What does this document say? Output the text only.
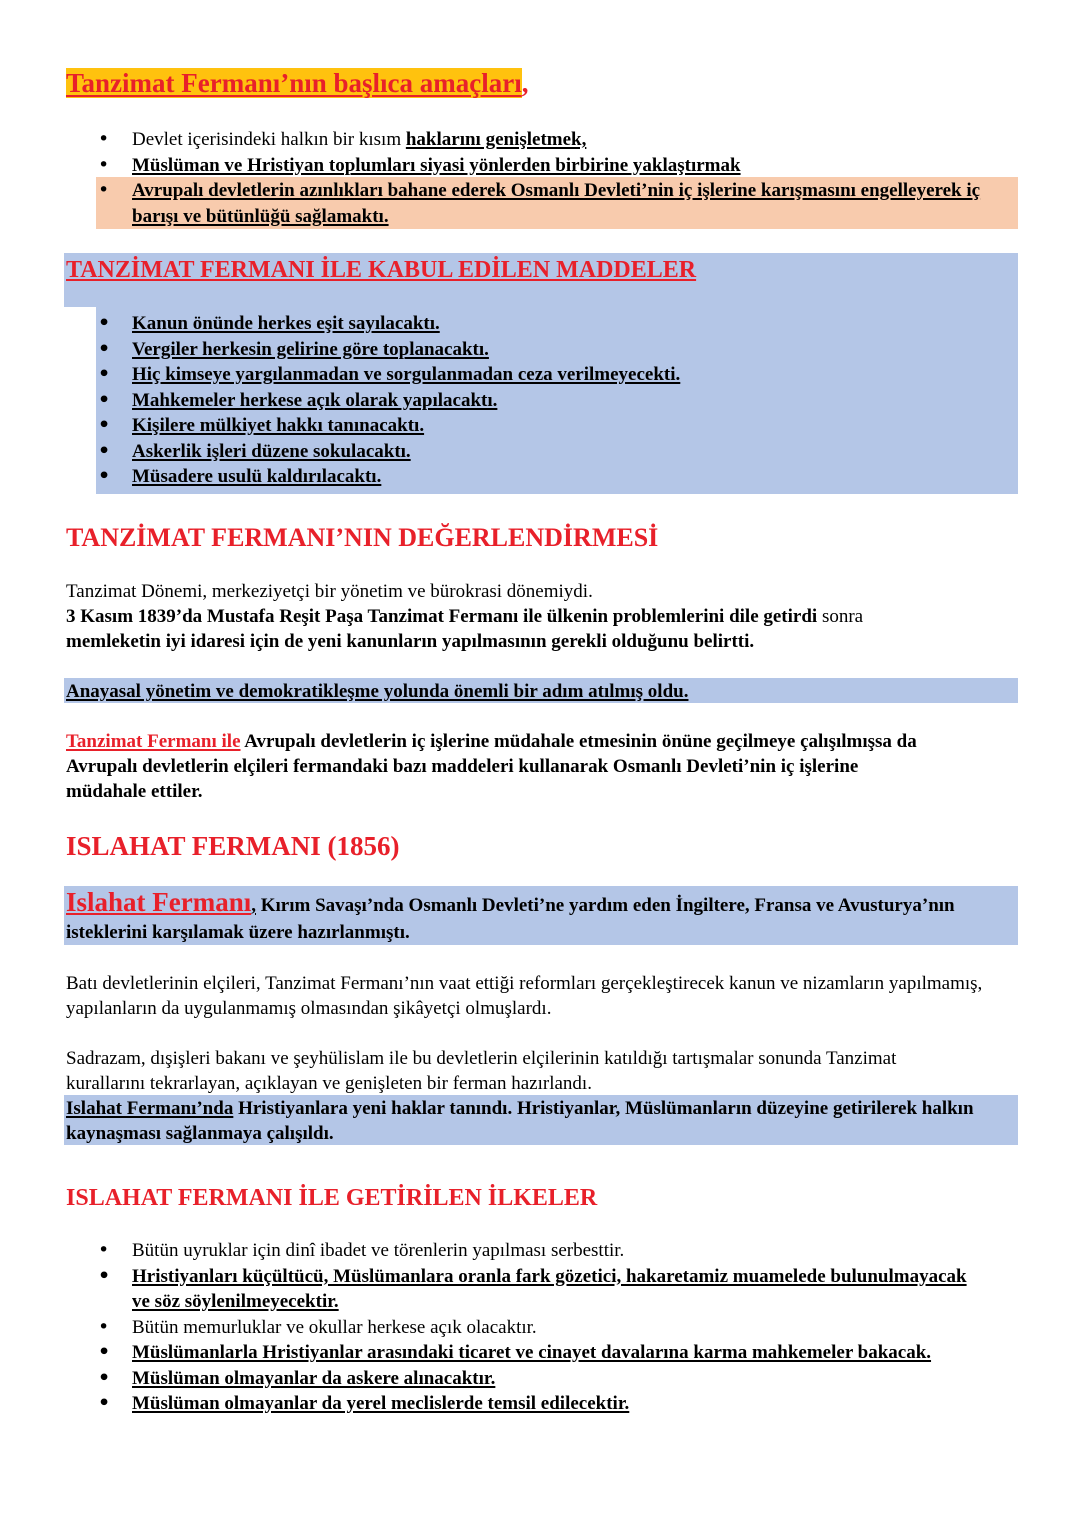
Tanzimat Fermanı’nın başlıca amaçları,
• Devlet içerisindeki halkın bir kısım haklarını genişletmek,
• Müslüman ve Hristiyan toplumları siyasi yönlerden birbirine yaklaştırmak
• Avrupalı devletlerin azınlıkları bahane ederek Osmanlı Devleti’nin iç işlerine karışmasını engelleyerek iç barışı ve bütünlüğü sağlamaktı.
TANZİMAT FERMANI İLE KABUL EDİLEN MADDELER
• Kanun önünde herkes eşit sayılacaktı.
• Vergiler herkesin gelirine göre toplanacaktı.
• Hiç kimseye yargılanmadan ve sorgulanmadan ceza verilmeyecekti.
• Mahkemeler herkese açık olarak yapılacaktı.
• Kişilere mülkiyet hakkı tanınacaktı.
• Askerlik işleri düzene sokulacaktı.
• Müsadere usulü kaldırılacaktı.
TANZİMAT FERMANI’NIN DEĞERLENDİRMESİ
Tanzimat Dönemi, merkeziyetçi bir yönetim ve bürokrasi dönemiydi.
3 Kasım 1839’da Mustafa Reşit Paşa Tanzimat Fermanı ile ülkenin problemlerini dile getirdi sonra
memleketin iyi idaresi için de yeni kanunların yapılmasının gerekli olduğunu belirtti.
Anayasal yönetim ve demokratikleşme yolunda önemli bir adım atılmış oldu.
Tanzimat Fermanı ile Avrupalı devletlerin iç işlerine müdahale etmesinin önüne geçilmeye çalışılmışsa da Avrupalı devletlerin elçileri fermandaki bazı maddeleri kullanarak Osmanlı Devleti’nin iç işlerine müdahale ettiler.
ISLAHAT FERMANI (1856)
Islahat Fermanı, Kırım Savaşı’nda Osmanlı Devleti’ne yardım eden İngiltere, Fransa ve Avusturya’nın isteklerini karşılamak üzere hazırlanmıştı.
Batı devletlerinin elçileri, Tanzimat Fermanı’nın vaat ettiği reformları gerçekleştirecek kanun ve nizamların yapılmamış, yapılanların da uygulanmamış olmasından şikâyetçi olmuşlardı.
Sadrazam, dışişleri bakanı ve şeyhülislam ile bu devletlerin elçilerinin katıldığı tartışmalar sonunda Tanzimat kurallarını tekrarlayan, açıklayan ve genişleten bir ferman hazırlandı.
Islahat Fermanı’nda Hristiyanlara yeni haklar tanındı. Hristiyanlar, Müslümanların düzeyine getirilerek halkın kaynaşması sağlanmaya çalışıldı.
ISLAHAT FERMANI İLE GETİRİLEN İLKELER
• Bütün uyruklar için dinî ibadet ve törenlerin yapılması serbesttir.
• Hristiyanları küçültücü, Müslümanlara oranla fark gözetici, hakaretamiz muamelede bulunulmayacak ve söz söylenilmeyecektir.
• Bütün memurluklar ve okullar herkese açık olacaktır.
• Müslümanlarla Hristiyanlar arasındaki ticaret ve cinayet davalarına karma mahkemeler bakacak.
• Müslüman olmayanlar da askere alınacaktır.
• Müslüman olmayanlar da yerel meclislerde temsil edilecektir.
